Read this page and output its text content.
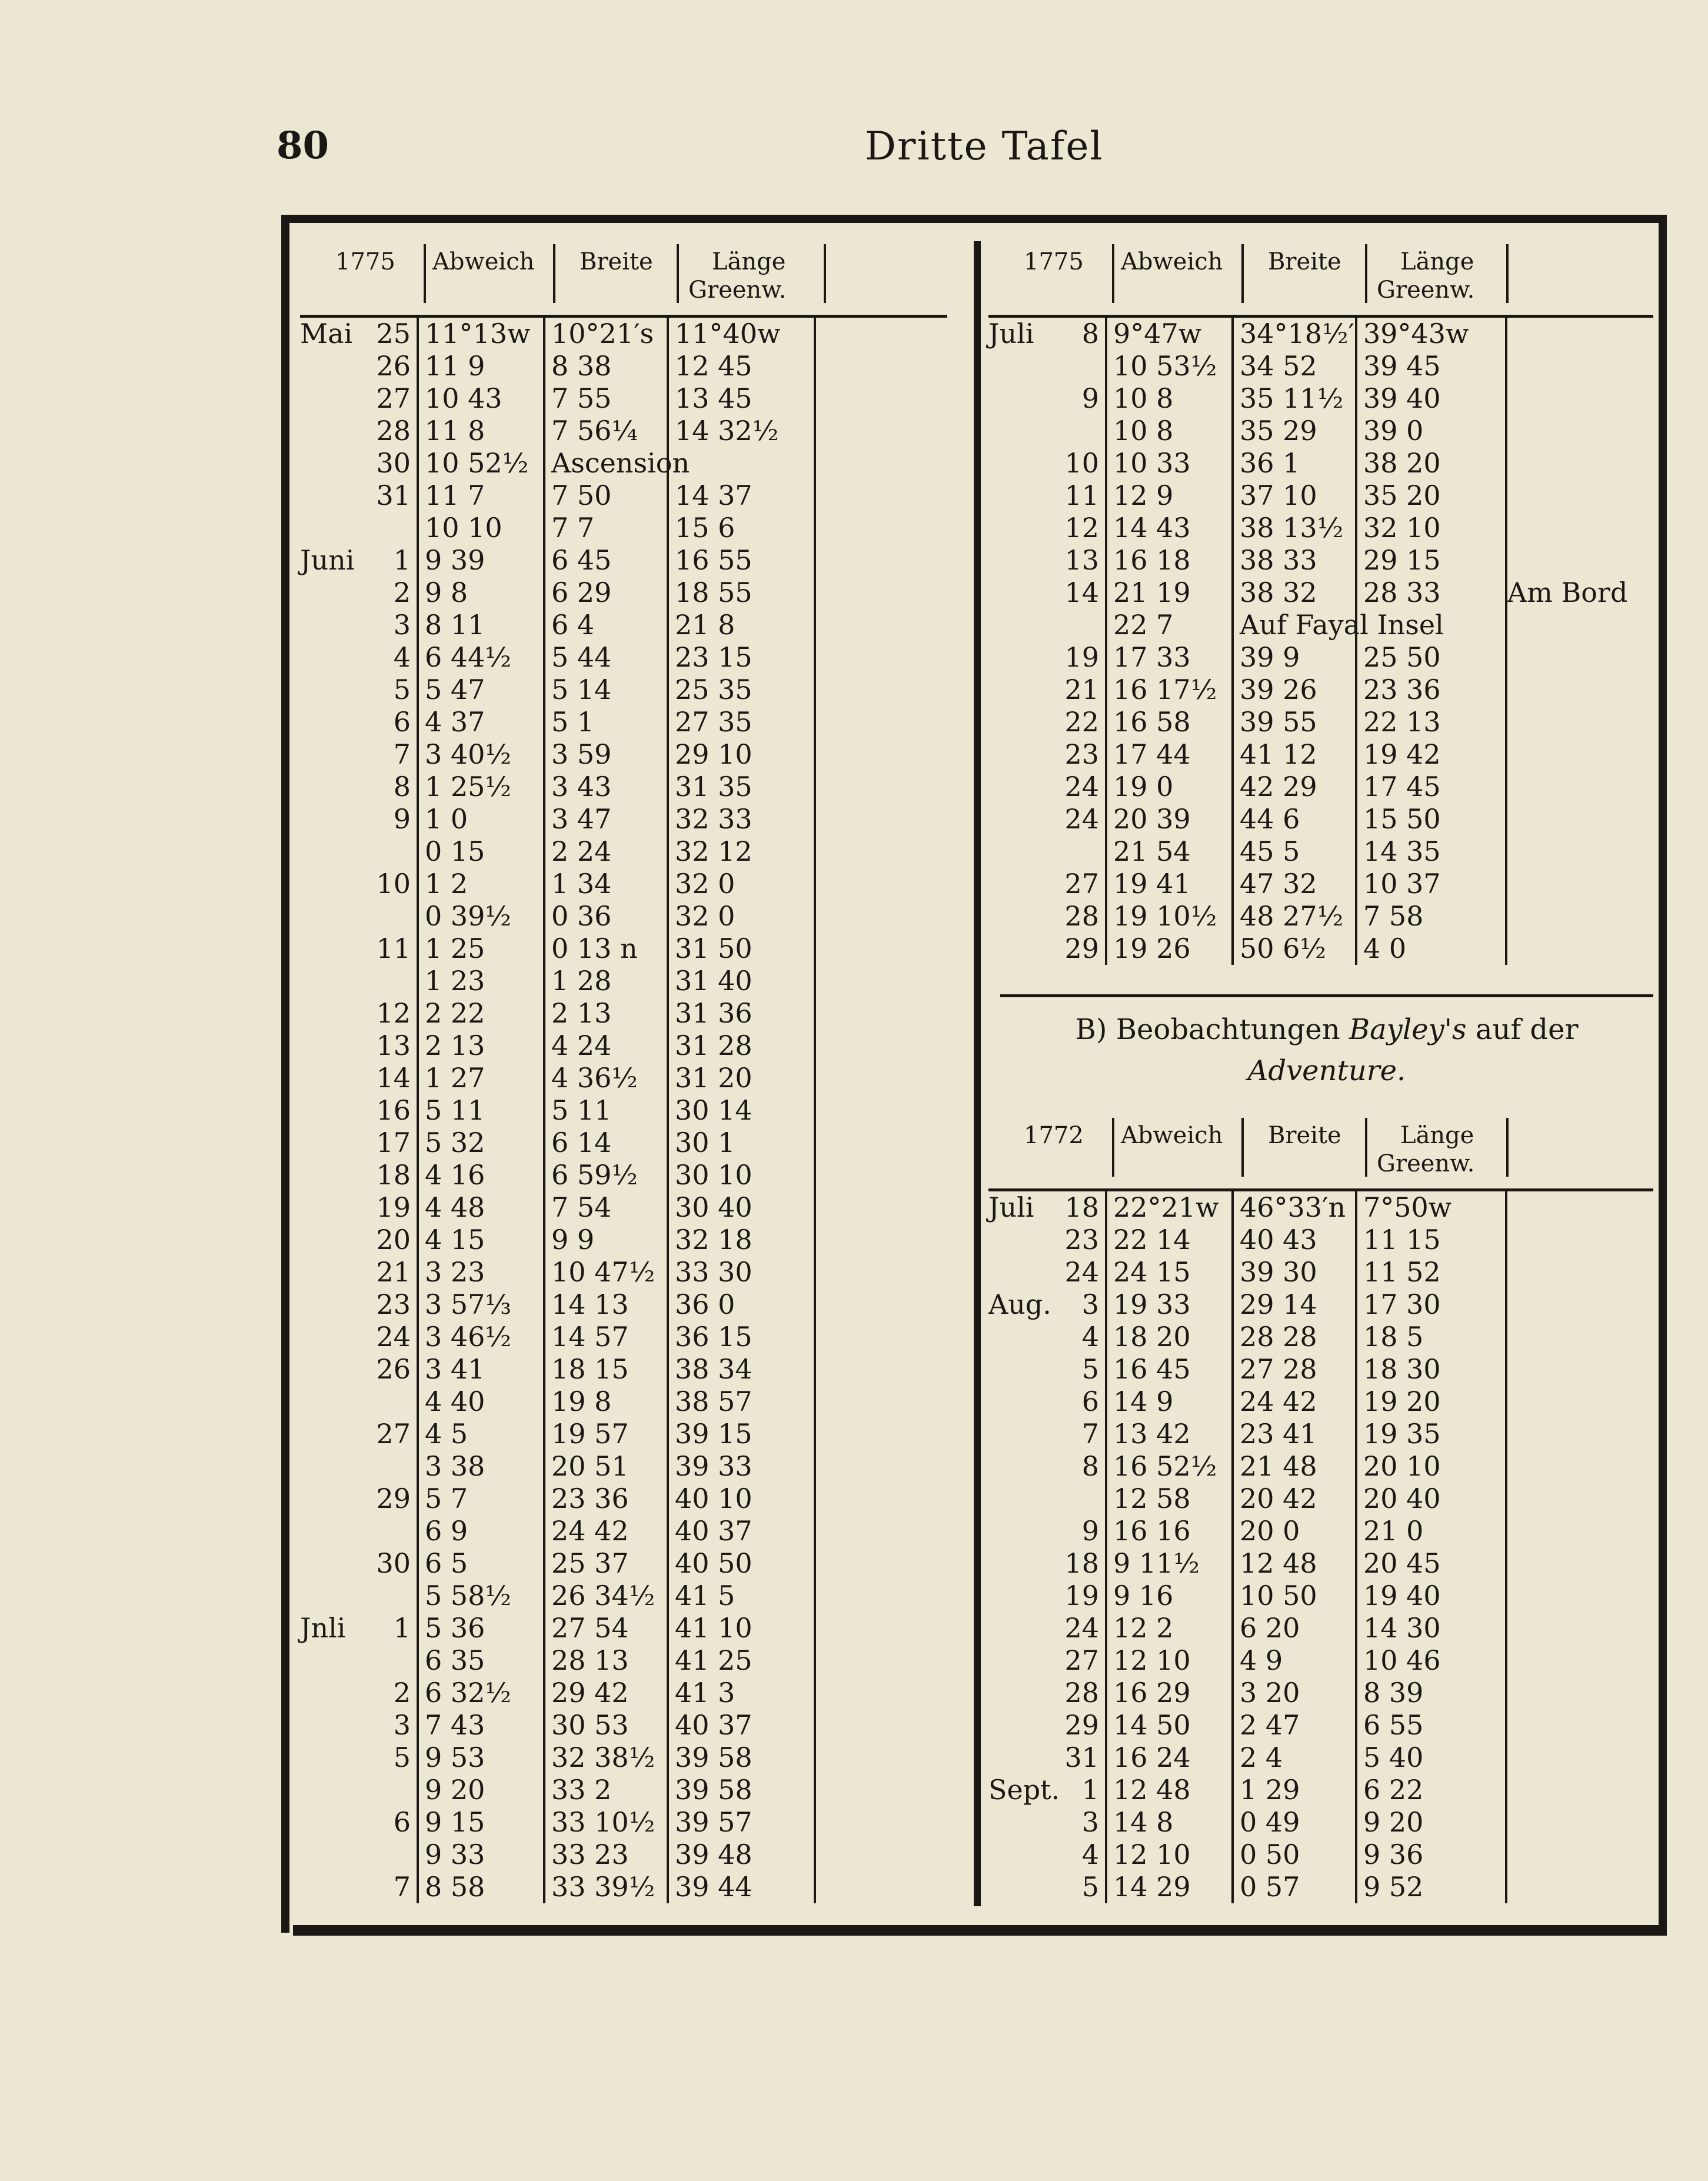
80	Dritte Tafel
1775 Abweich Breite	Länge
Greenw.
Mai	25	11°13w	10°21′s	11°40w
	26	11 9	8 38	12 45
	27	10 43	7 55	13 45
	28	11 8	7 56¼	14 32½
	30	10 52½	Ascension	
	31	11 7	7 50	14 37
		10 10	7 7	15 6
Juni	1	9 39	6 45	16 55
	2	9 8	6 29	18 55
	3	8 11	6 4	21 8
	4	6 44½	5 44	23 15
	5	5 47	5 14	25 35
	6	4 37	5 1	27 35
	7	3 40½	3 59	29 10
	8	1 25½	3 43	31 35
	9	1 0	3 47	32 33
		0 15	2 24	32 12
	10	1 2	1 34	32 0
		0 39½	0 36	32 0
	11	1 25	0 13 n	31 50
		1 23	1 28	31 40
	12	2 22	2 13	31 36
	13	2 13	4 24	31 28
	14	1 27	4 36½	31 20
	16	5 11	5 11	30 14
	17	5 32	6 14	30 1
	18	4 16	6 59½	30 10
	19	4 48	7 54	30 40
	20	4 15	9 9	32 18
	21	3 23	10 47½	33 30
	23	3 57⅓	14 13	36 0
	24	3 46½	14 57	36 15
	26	3 41	18 15	38 34
		4 40	19 8	38 57
	27	4 5	19 57	39 15
		3 38	20 51	39 33
	29	5 7	23 36	40 10
		6 9	24 42	40 37
	30	6 5	25 37	40 50
		5 58½	26 34½	41 5
Jnli	1	5 36	27 54	41 10
		6 35	28 13	41 25
	2	6 32½	29 42	41 3
	3	7 43	30 53	40 37
	5	9 53	32 38½	39 58
		9 20	33 2	39 58
	6	9 15	33 10½	39 57
		9 33	33 23	39 48
	7	8 58	33 39½	39 44
1775 Abweich Breite	Länge
Greenw.
Juli	8	9°47w	34°18½′	39°43w	
		10 53½	34 52	39 45	
	9	10 8	35 11½	39 40	
		10 8	35 29	39 0	
	10	10 33	36 1	38 20	
	11	12 9	37 10	35 20	
	12	14 43	38 13½	32 10	
	13	16 18	38 33	29 15	
	14	21 19	38 32	28 33	Am Bord
		22 7	Auf Fayal Insel		
	19	17 33	39 9	25 50	
	21	16 17½	39 26	23 36	
	22	16 58	39 55	22 13	
	23	17 44	41 12	19 42	
	24	19 0	42 29	17 45	
	24	20 39	44 6	15 50	
		21 54	45 5	14 35	
	27	19 41	47 32	10 37	
	28	19 10½	48 27½	7 58	
	29	19 26	50 6½	4 0	
B) Beobachtungen Bayley's auf der
Adventure.
1772 Abweich Breite	Länge
Greenw.
Juli	18	22°21w	46°33′n	7°50w
	23	22 14	40 43	11 15
	24	24 15	39 30	11 52
Aug.	3	19 33	29 14	17 30
	4	18 20	28 28	18 5
	5	16 45	27 28	18 30
	6	14 9	24 42	19 20
	7	13 42	23 41	19 35
	8	16 52½	21 48	20 10
		12 58	20 42	20 40
	9	16 16	20 0	21 0
	18	9 11½	12 48	20 45
	19	9 16	10 50	19 40
	24	12 2	6 20	14 30
	27	12 10	4 9	10 46
	28	16 29	3 20	8 39
	29	14 50	2 47	6 55
	31	16 24	2 4	5 40
Sept.	1	12 48	1 29	6 22
	3	14 8	0 49	9 20
	4	12 10	0 50	9 36
	5	14 29	0 57	9 52
